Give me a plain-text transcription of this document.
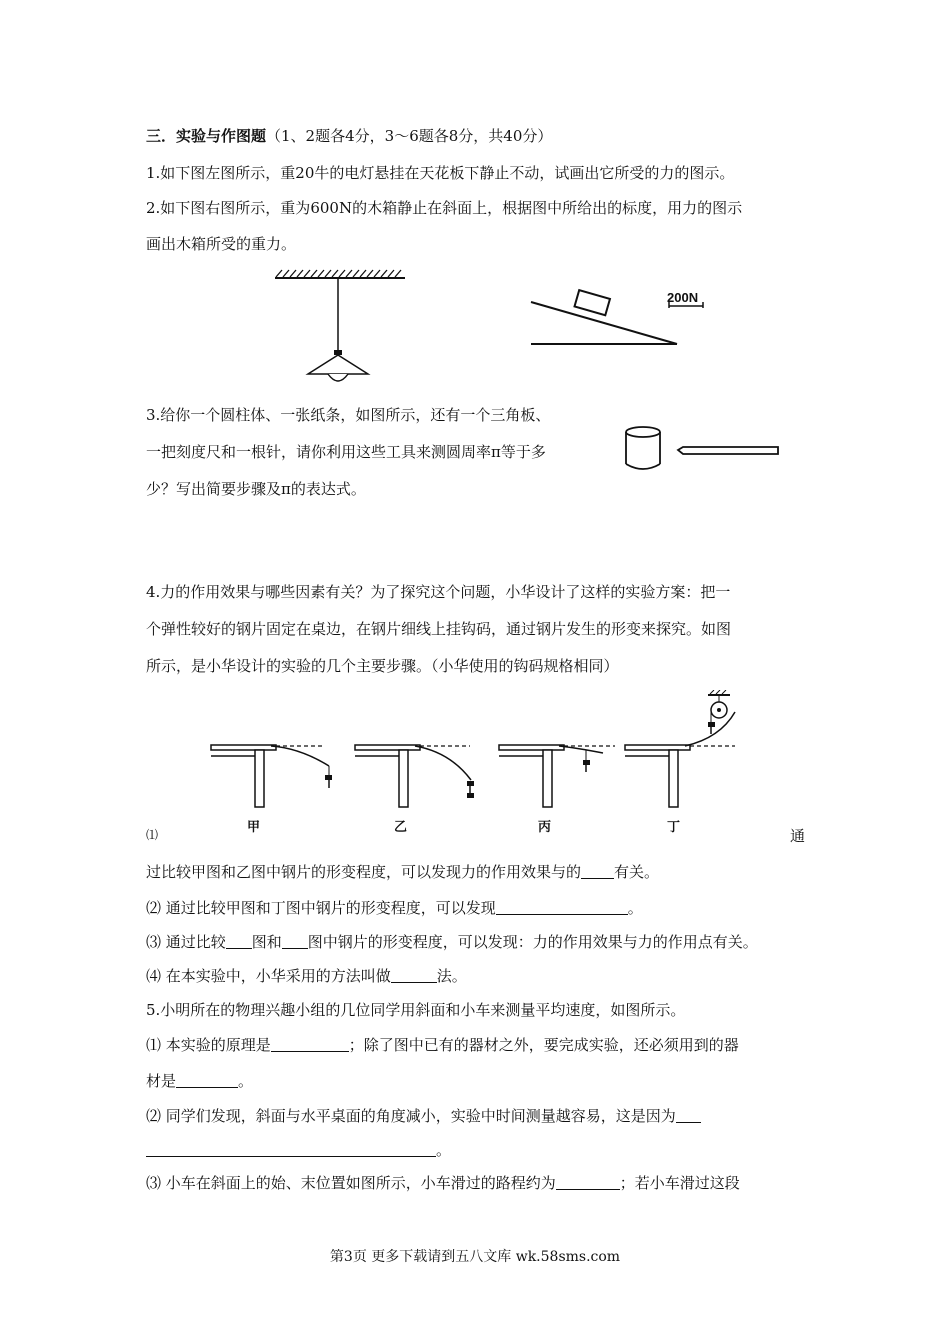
三．实验与作图题（1、2题各4分，3～6题各8分，共40分）
1.如下图左图所示，重20牛的电灯悬挂在天花板下静止不动，试画出它所受的力的图示。
2.如下图右图所示，重为600N的木箱静止在斜面上，根据图中所给出的标度，用力的图示
画出木箱所受的重力。
200N
3.给你一个圆柱体、一张纸条，如图所示，还有一个三角板、
一把刻度尺和一根针，请你利用这些工具来测圆周率π等于多
少？写出简要步骤及π的表达式。
4.力的作用效果与哪些因素有关？为了探究这个问题，小华设计了这样的实验方案：把一
个弹性较好的钢片固定在桌边，在钢片细线上挂钩码，通过钢片发生的形变来探究。如图
所示，是小华设计的实验的几个主要步骤。（小华使用的钩码规格相同）
甲	乙	丙	丁
⑴	通
过比较甲图和乙图中钢片的形变程度，可以发现力的作用效果与的 有关。
⑵ 通过比较甲图和丁图中钢片的形变程度，可以发现	。
⑶ 通过比较 图和 图中钢片的形变程度，可以发现：力的作用效果与力的作用点有关。
⑷ 在本实验中，小华采用的方法叫做	法。
5.小明所在的物理兴趣小组的几位同学用斜面和小车来测量平均速度，如图所示。
⑴ 本实验的原理是	；除了图中已有的器材之外，要完成实验，还必须用到的器
材是	。
⑵ 同学们发现，斜面与水平桌面的角度减小，实验中时间测量越容易，这是因为
。
⑶ 小车在斜面上的始、末位置如图所示，小车滑过的路程约为	；若小车滑过这段
第3页 更多下载请到五八文库 wk.58sms.com
